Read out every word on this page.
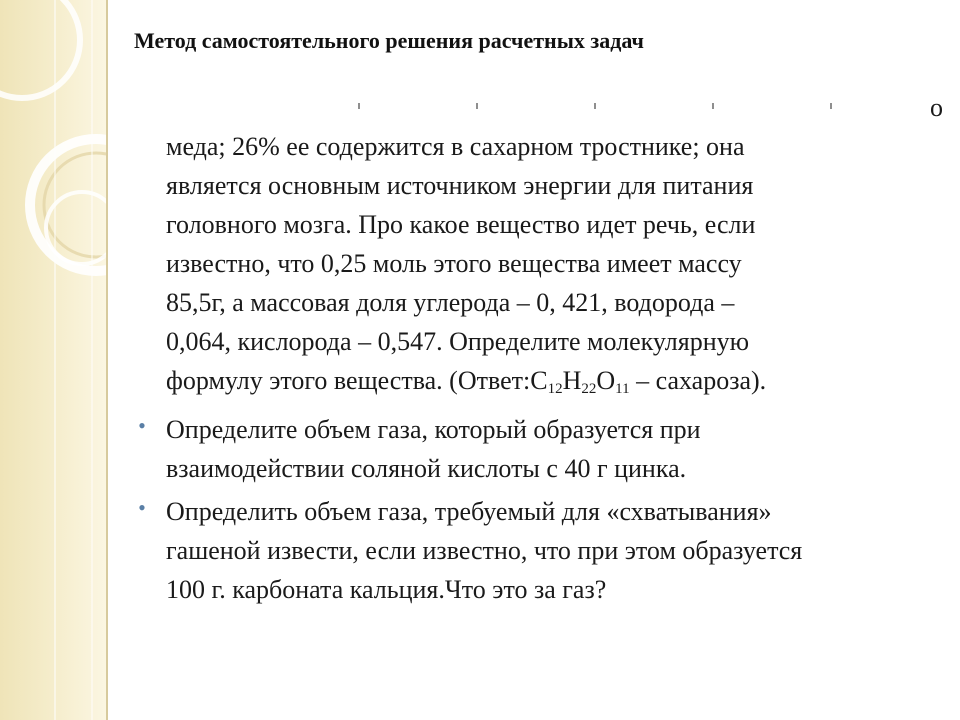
Метод самостоятельного решения расчетных задач
о
меда; 26% ее содержится в сахарном тростнике; она
является основным источником энергии для питания
головного мозга. Про какое вещество идет речь, если
известно, что 0,25 моль этого вещества имеет массу
85,5г, а массовая доля углерода – 0, 421, водорода –
0,064, кислорода – 0,547. Определите молекулярную
формулу этого вещества. ($Ответ:С_{12}Н_{22}О_{11}$ – сахароза).
• Определите объем газа, который образуется при
взаимодействии соляной кислоты с 40 г цинка.
• Определить объем газа, требуемый для «схватывания»
гашеной извести, если известно, что при этом образуется
100 г. карбоната кальция.Что это за газ?
